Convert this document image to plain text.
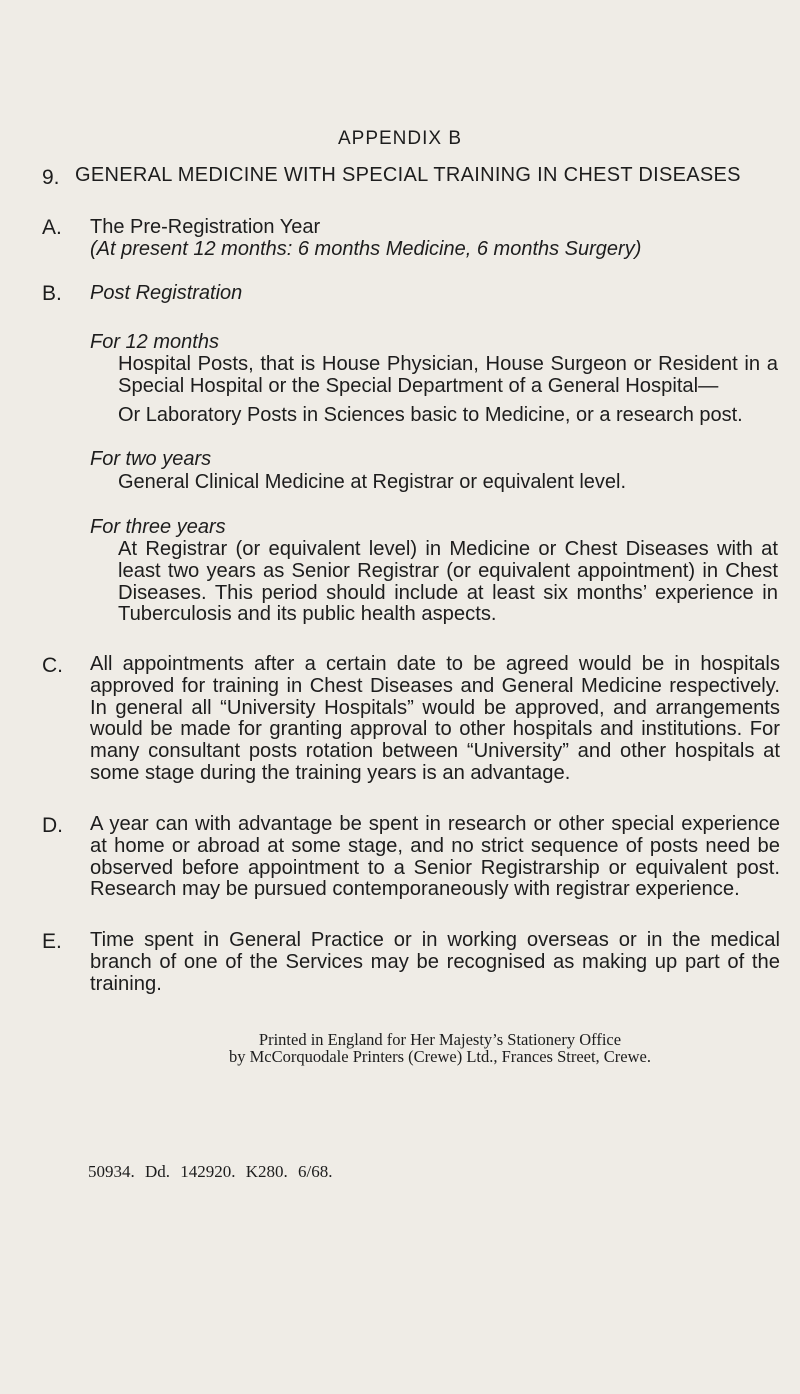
APPENDIX B
9. GENERAL MEDICINE WITH SPECIAL TRAINING IN CHEST DISEASES
A. The Pre-Registration Year
(At present 12 months: 6 months Medicine, 6 months Surgery)
B. Post Registration
For 12 months
Hospital Posts, that is House Physician, House Surgeon or Resident in a Special Hospital or the Special Department of a General Hospital—
Or Laboratory Posts in Sciences basic to Medicine, or a research post.
For two years
General Clinical Medicine at Registrar or equivalent level.
For three years
At Registrar (or equivalent level) in Medicine or Chest Diseases with at least two years as Senior Registrar (or equivalent appointment) in Chest Diseases. This period should include at least six months’ experience in Tuberculosis and its public health aspects.
C. All appointments after a certain date to be agreed would be in hospitals approved for training in Chest Diseases and General Medicine respectively. In general all “University Hospitals” would be approved, and arrangements would be made for granting approval to other hospitals and institutions. For many consultant posts rotation between “University” and other hospitals at some stage during the training years is an advantage.
D. A year can with advantage be spent in research or other special experience at home or abroad at some stage, and no strict sequence of posts need be observed before appointment to a Senior Registrarship or equivalent post. Research may be pursued contemporaneously with registrar experience.
E. Time spent in General Practice or in working overseas or in the medical branch of one of the Services may be recognised as making up part of the training.
Printed in England for Her Majesty’s Stationery Office
by McCorquodale Printers (Crewe) Ltd., Frances Street, Crewe.
50934. Dd. 142920. K280. 6/68.
